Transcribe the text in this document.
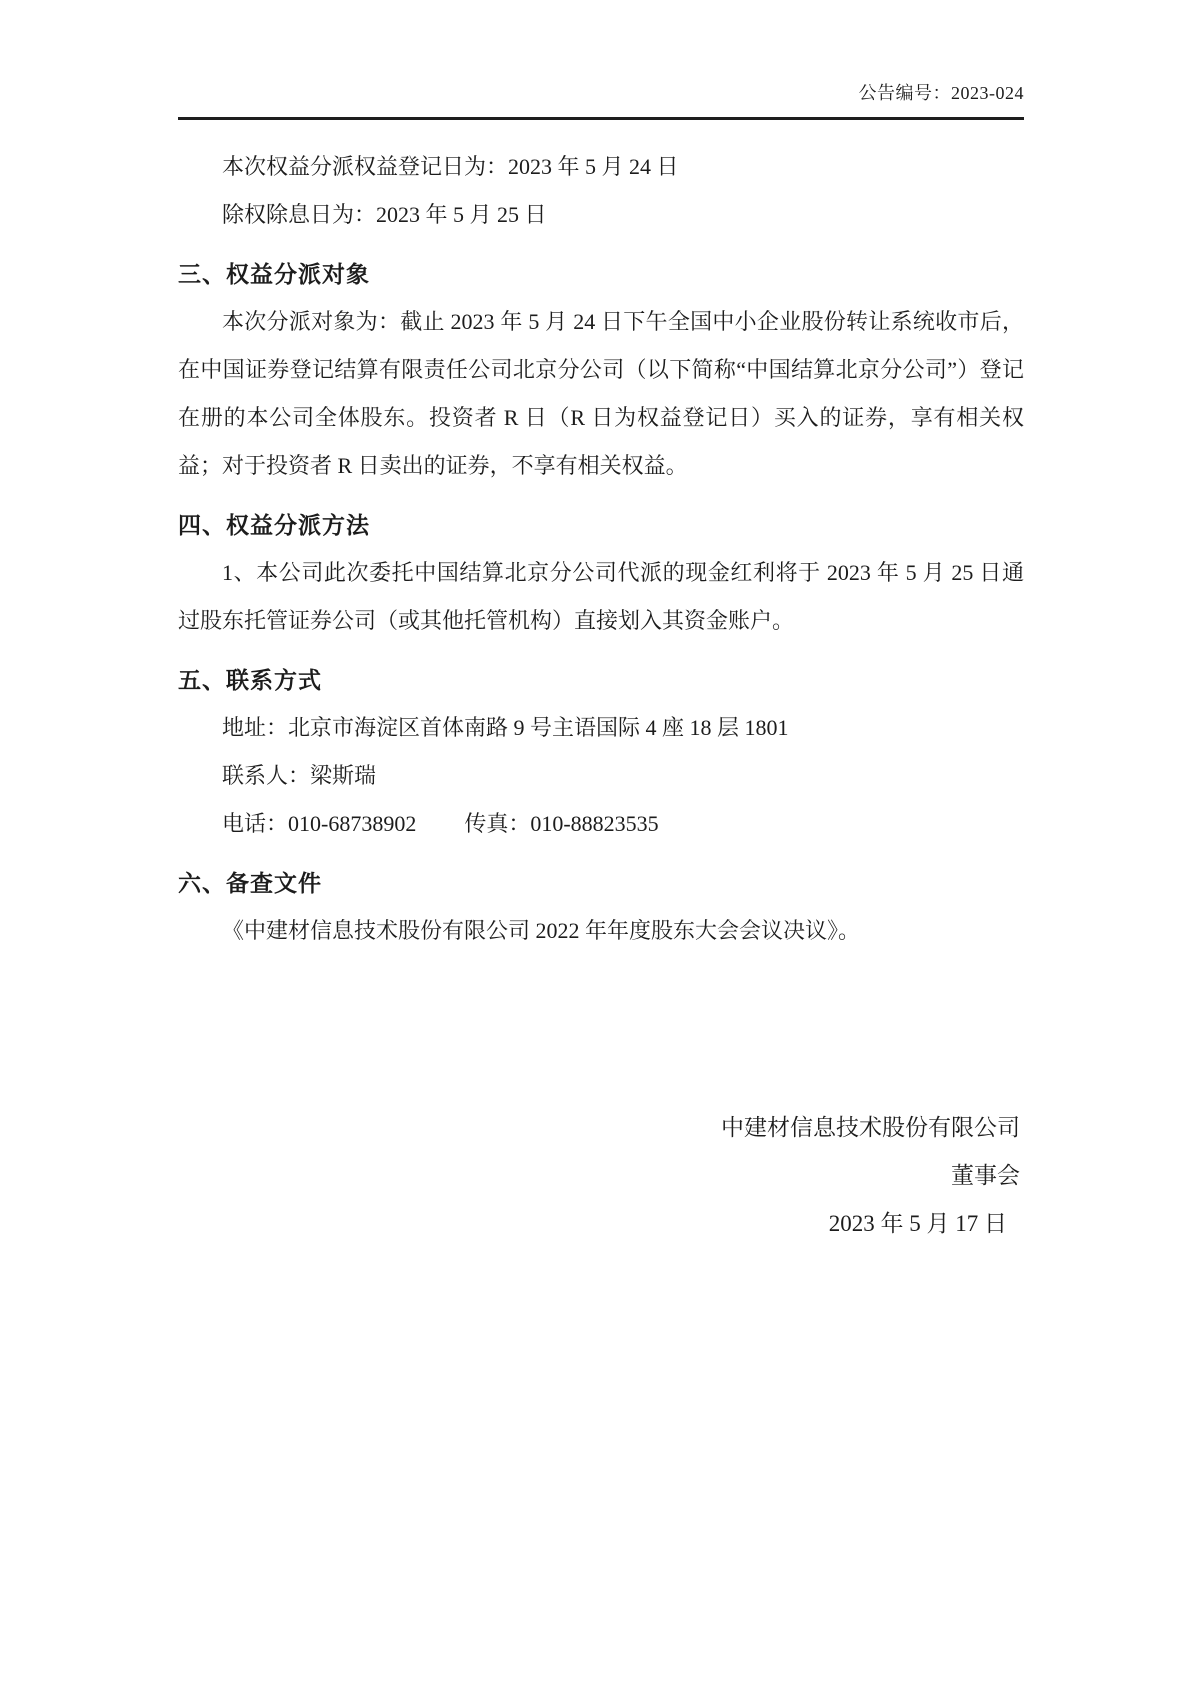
公告编号：2023-024

本次权益分派权益登记日为：2023 年 5 月 24 日

除权除息日为：2023 年 5 月 25 日

三、权益分派对象

本次分派对象为：截止 2023 年 5 月 24 日下午全国中小企业股份转让系统收市后，在中国证券登记结算有限责任公司北京分公司（以下简称“中国结算北京分公司”）登记在册的本公司全体股东。投资者 R 日（R 日为权益登记日）买入的证券，享有相关权益；对于投资者 R 日卖出的证券，不享有相关权益。

四、权益分派方法

1、本公司此次委托中国结算北京分公司代派的现金红利将于 2023 年 5 月 25 日通过股东托管证券公司（或其他托管机构）直接划入其资金账户。

五、联系方式

地址：北京市海淀区首体南路 9 号主语国际 4 座 18 层 1801

联系人：梁斯瑞

电话：010-68738902 传真：010-88823535

六、备查文件

《中建材信息技术股份有限公司 2022 年年度股东大会会议决议》。

中建材信息技术股份有限公司

董事会

2023 年 5 月 17 日
